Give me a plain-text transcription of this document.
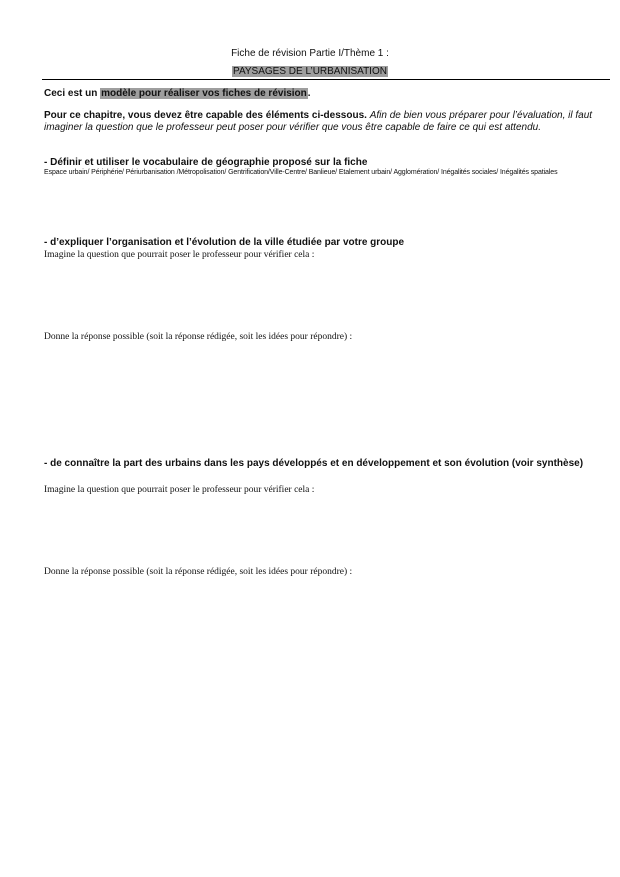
Fiche de révision Partie I/Thème 1 :
PAYSAGES DE L’URBANISATION
Ceci est un modèle pour réaliser vos fiches de révision.
Pour ce chapitre, vous devez être capable des éléments ci-dessous. Afin de bien vous préparer pour l’évaluation, il faut imaginer la question que le professeur peut poser pour vérifier que vous être capable de faire ce qui est attendu.
- Définir et utiliser le vocabulaire de géographie proposé sur la fiche
Espace urbain/ Périphérie/ Périurbanisation /Métropolisation/ Gentrification/Ville-Centre/ Banlieue/ Etalement urbain/ Agglomération/ Inégalités sociales/ Inégalités spatiales
- d’expliquer l’organisation et l’évolution de la ville étudiée par votre groupe
Imagine la question que pourrait poser le professeur pour vérifier cela :
Donne la réponse possible (soit la réponse rédigée, soit les idées pour répondre) :
- de connaître la part des urbains dans les pays développés et en développement et son évolution (voir synthèse)
Imagine la question que pourrait poser le professeur pour vérifier cela :
Donne la réponse possible (soit la réponse rédigée, soit les idées pour répondre) :
